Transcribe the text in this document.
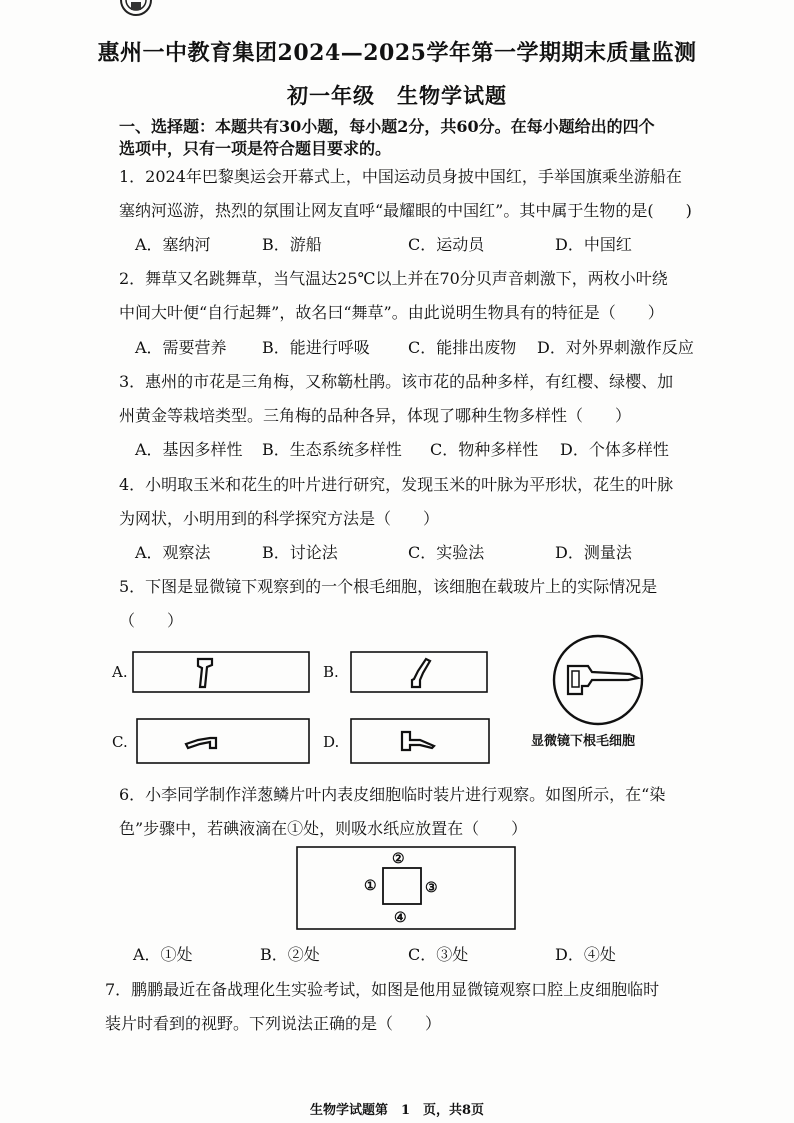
惠州一中教育集团2024—2025学年第一学期期末质量监测
初一年级　生物学试题
一、选择题：本题共有30小题，每小题2分，共60分。在每小题给出的四个
选项中，只有一项是符合题目要求的。
1．2024年巴黎奥运会开幕式上，中国运动员身披中国红，手举国旗乘坐游船在
塞纳河巡游，热烈的氛围让网友直呼“最耀眼的中国红”。其中属于生物的是(　　)
A．塞纳河	B．游船	C．运动员	D．中国红
2．舞草又名跳舞草，当气温达25℃以上并在70分贝声音刺激下，两枚小叶绕
中间大叶便“自行起舞”，故名曰“舞草”。由此说明生物具有的特征是（　　）
A．需要营养 B．能进行呼吸 C．能排出废物 D．对外界刺激作反应
3．惠州的市花是三角梅，又称簕杜鹃。该市花的品种多样，有红樱、绿樱、加
州黄金等栽培类型。三角梅的品种各异，体现了哪种生物多样性（　　）
A．基因多样性 B．生态系统多样性 C．物种多样性 D．个体多样性
4．小明取玉米和花生的叶片进行研究，发现玉米的叶脉为平形状，花生的叶脉
为网状，小明用到的科学探究方法是（　　）
A．观察法	B．讨论法	C．实验法	D．测量法
5．下图是显微镜下观察到的一个根毛细胞，该细胞在载玻片上的实际情况是
（　　）
A.	B.
C.	D.	显微镜下根毛细胞
6．小李同学制作洋葱鳞片叶内表皮细胞临时装片进行观察。如图所示，在“染
色”步骤中，若碘液滴在①处，则吸水纸应放置在（　　）
②
①	③
④
A．①处	B．②处	C．③处	D．④处
7．鹏鹏最近在备战理化生实验考试，如图是他用显微镜观察口腔上皮细胞临时
装片时看到的视野。下列说法正确的是（　　）
生物学试题第　1　页，共8页
